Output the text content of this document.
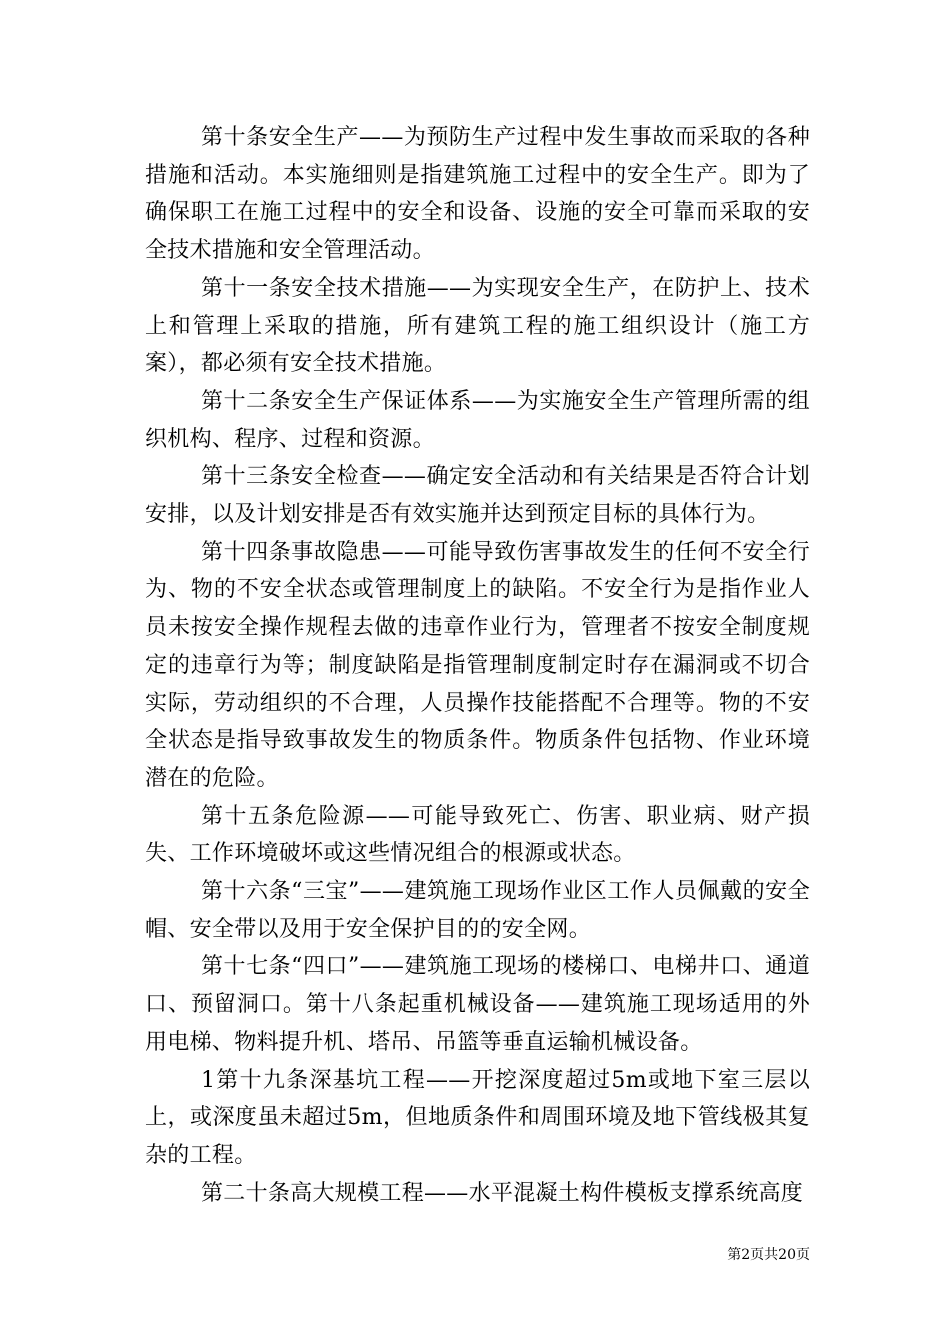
第十条安全生产——为预防生产过程中发生事故而采取的各种措施和活动。本实施细则是指建筑施工过程中的安全生产。即为了确保职工在施工过程中的安全和设备、设施的安全可靠而采取的安全技术措施和安全管理活动。

第十一条安全技术措施——为实现安全生产，在防护上、技术上和管理上采取的措施，所有建筑工程的施工组织设计（施工方案），都必须有安全技术措施。

第十二条安全生产保证体系——为实施安全生产管理所需的组织机构、程序、过程和资源。

第十三条安全检查——确定安全活动和有关结果是否符合计划安排，以及计划安排是否有效实施并达到预定目标的具体行为。

第十四条事故隐患——可能导致伤害事故发生的任何不安全行为、物的不安全状态或管理制度上的缺陷。不安全行为是指作业人员未按安全操作规程去做的违章作业行为，管理者不按安全制度规定的违章行为等；制度缺陷是指管理制度制定时存在漏洞或不切合实际，劳动组织的不合理，人员操作技能搭配不合理等。物的不安全状态是指导致事故发生的物质条件。物质条件包括物、作业环境潜在的危险。

第十五条危险源——可能导致死亡、伤害、职业病、财产损失、工作环境破坏或这些情况组合的根源或状态。

第十六条“三宝”——建筑施工现场作业区工作人员佩戴的安全帽、安全带以及用于安全保护目的的安全网。

第十七条“四口”——建筑施工现场的楼梯口、电梯井口、通道口、预留洞口。第十八条起重机械设备——建筑施工现场适用的外用电梯、物料提升机、塔吊、吊篮等垂直运输机械设备。

1第十九条深基坑工程——开挖深度超过5m或地下室三层以上，或深度虽未超过5m，但地质条件和周围环境及地下管线极其复杂的工程。

第二十条高大规模工程——水平混凝土构件模板支撑系统高度

第2页共20页
